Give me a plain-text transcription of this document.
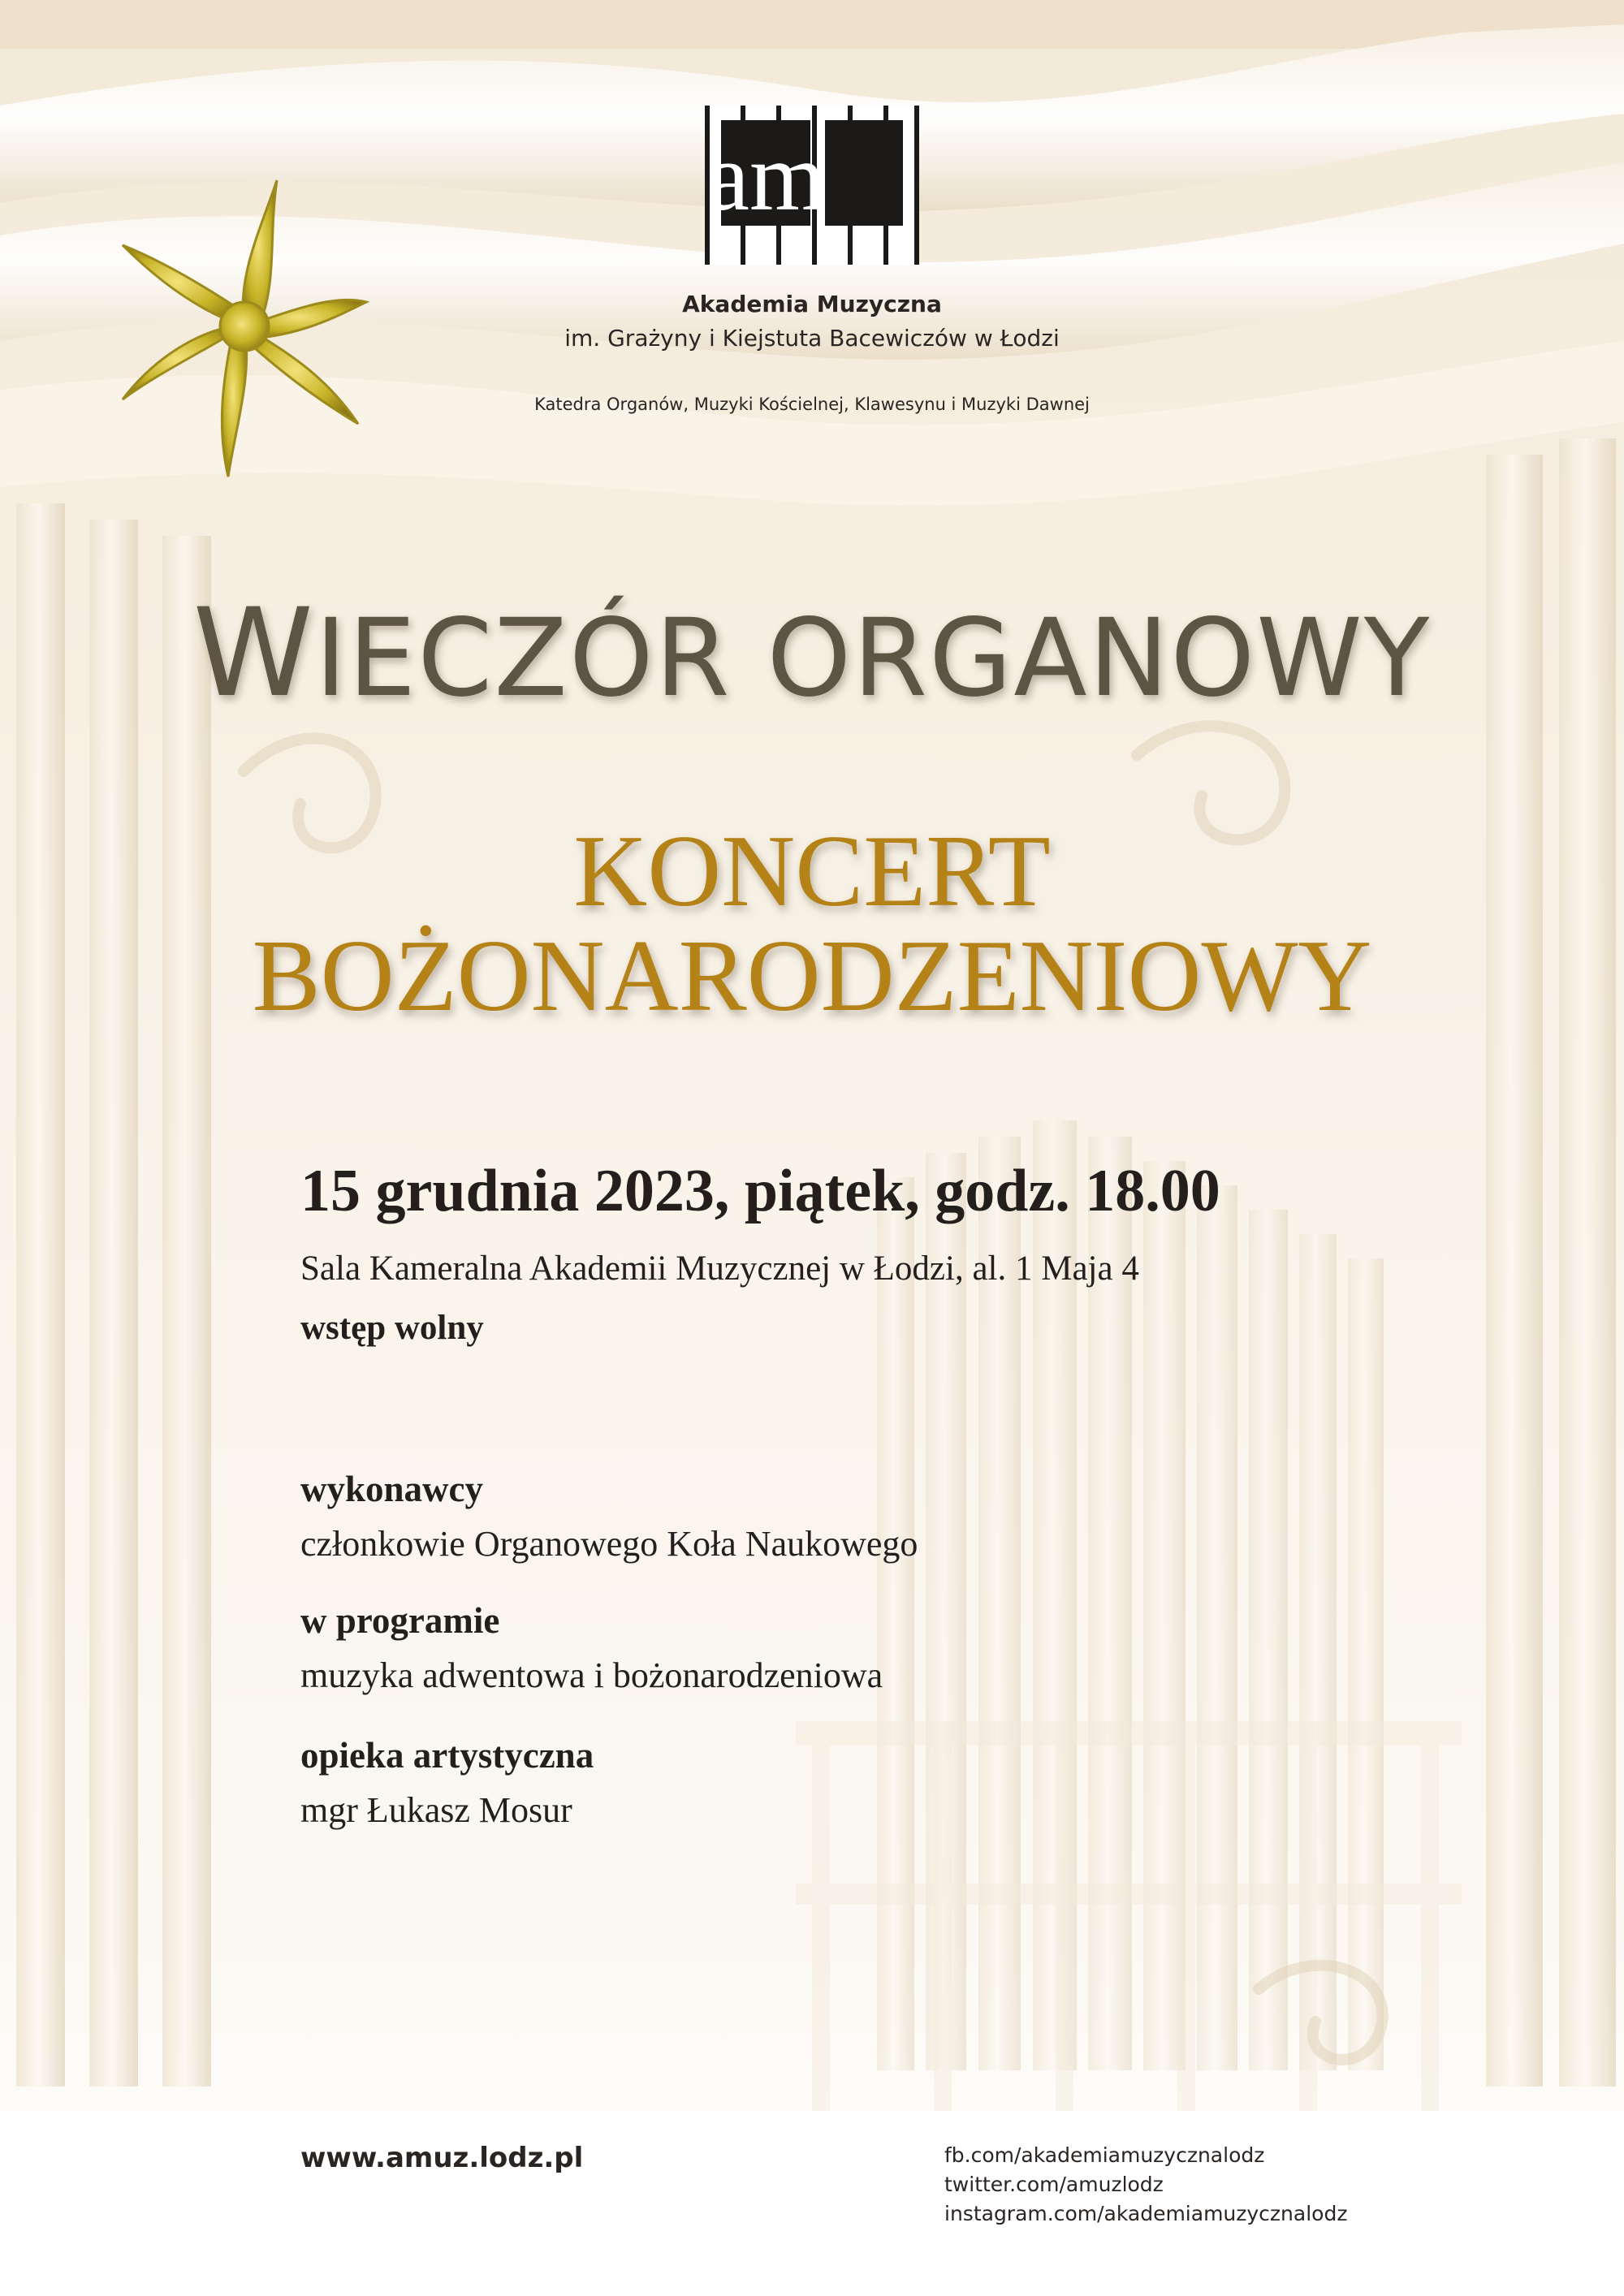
am
Akademia Muzyczna
im. Grażyny i Kiejstuta Bacewiczów w Łodzi
Katedra Organów, Muzyki Kościelnej, Klawesynu i Muzyki Dawnej
WIECZÓR ORGANOWY
KONCERT
BOŻONARODZENIOWY
15 grudnia 2023, piątek, godz. 18.00
Sala Kameralna Akademii Muzycznej w Łodzi, al. 1 Maja 4
wstęp wolny
wykonawcy
członkowie Organowego Koła Naukowego
w programie
muzyka adwentowa i bożonarodzeniowa
opieka artystyczna
mgr Łukasz Mosur
www.amuz.lodz.pl	fb.com/akademiamuzycznalodz
twitter.com/amuzlodz
instagram.com/akademiamuzycznalodz
